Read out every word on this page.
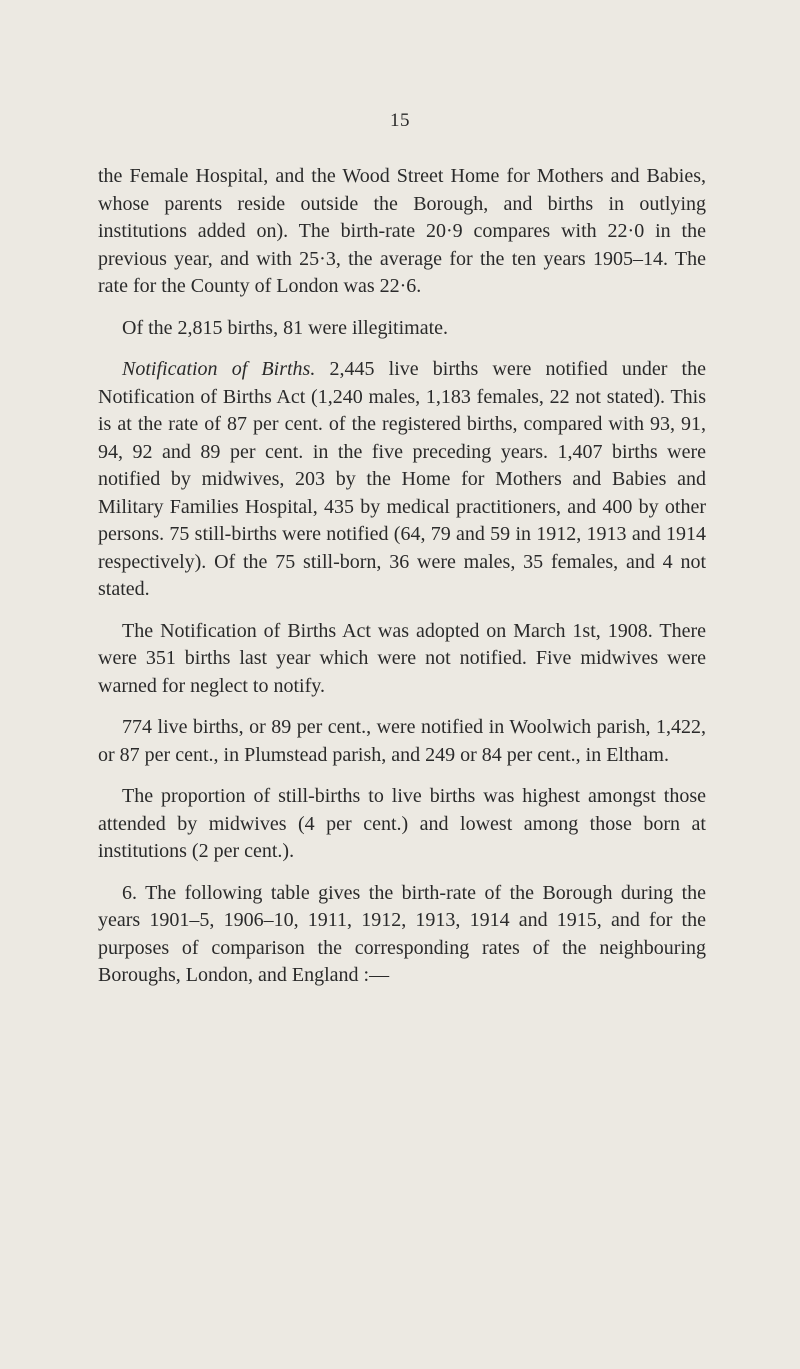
15

the Female Hospital, and the Wood Street Home for Mothers and Babies, whose parents reside outside the Borough, and births in outlying institutions added on). The birth-rate 20·9 compares with 22·0 in the previous year, and with 25·3, the average for the ten years 1905–14. The rate for the County of London was 22·6.

Of the 2,815 births, 81 were illegitimate.

Notification of Births. 2,445 live births were notified under the Notification of Births Act (1,240 males, 1,183 females, 22 not stated). This is at the rate of 87 per cent. of the registered births, compared with 93, 91, 94, 92 and 89 per cent. in the five preceding years. 1,407 births were notified by midwives, 203 by the Home for Mothers and Babies and Military Families Hospital, 435 by medical practitioners, and 400 by other persons. 75 still-births were notified (64, 79 and 59 in 1912, 1913 and 1914 respectively). Of the 75 still-born, 36 were males, 35 females, and 4 not stated.

The Notification of Births Act was adopted on March 1st, 1908. There were 351 births last year which were not notified. Five midwives were warned for neglect to notify.

774 live births, or 89 per cent., were notified in Woolwich parish, 1,422, or 87 per cent., in Plumstead parish, and 249 or 84 per cent., in Eltham.

The proportion of still-births to live births was highest amongst those attended by midwives (4 per cent.) and lowest among those born at institutions (2 per cent.).

6. The following table gives the birth-rate of the Borough during the years 1901–5, 1906–10, 1911, 1912, 1913, 1914 and 1915, and for the purposes of comparison the corresponding rates of the neighbouring Boroughs, London, and England :—
